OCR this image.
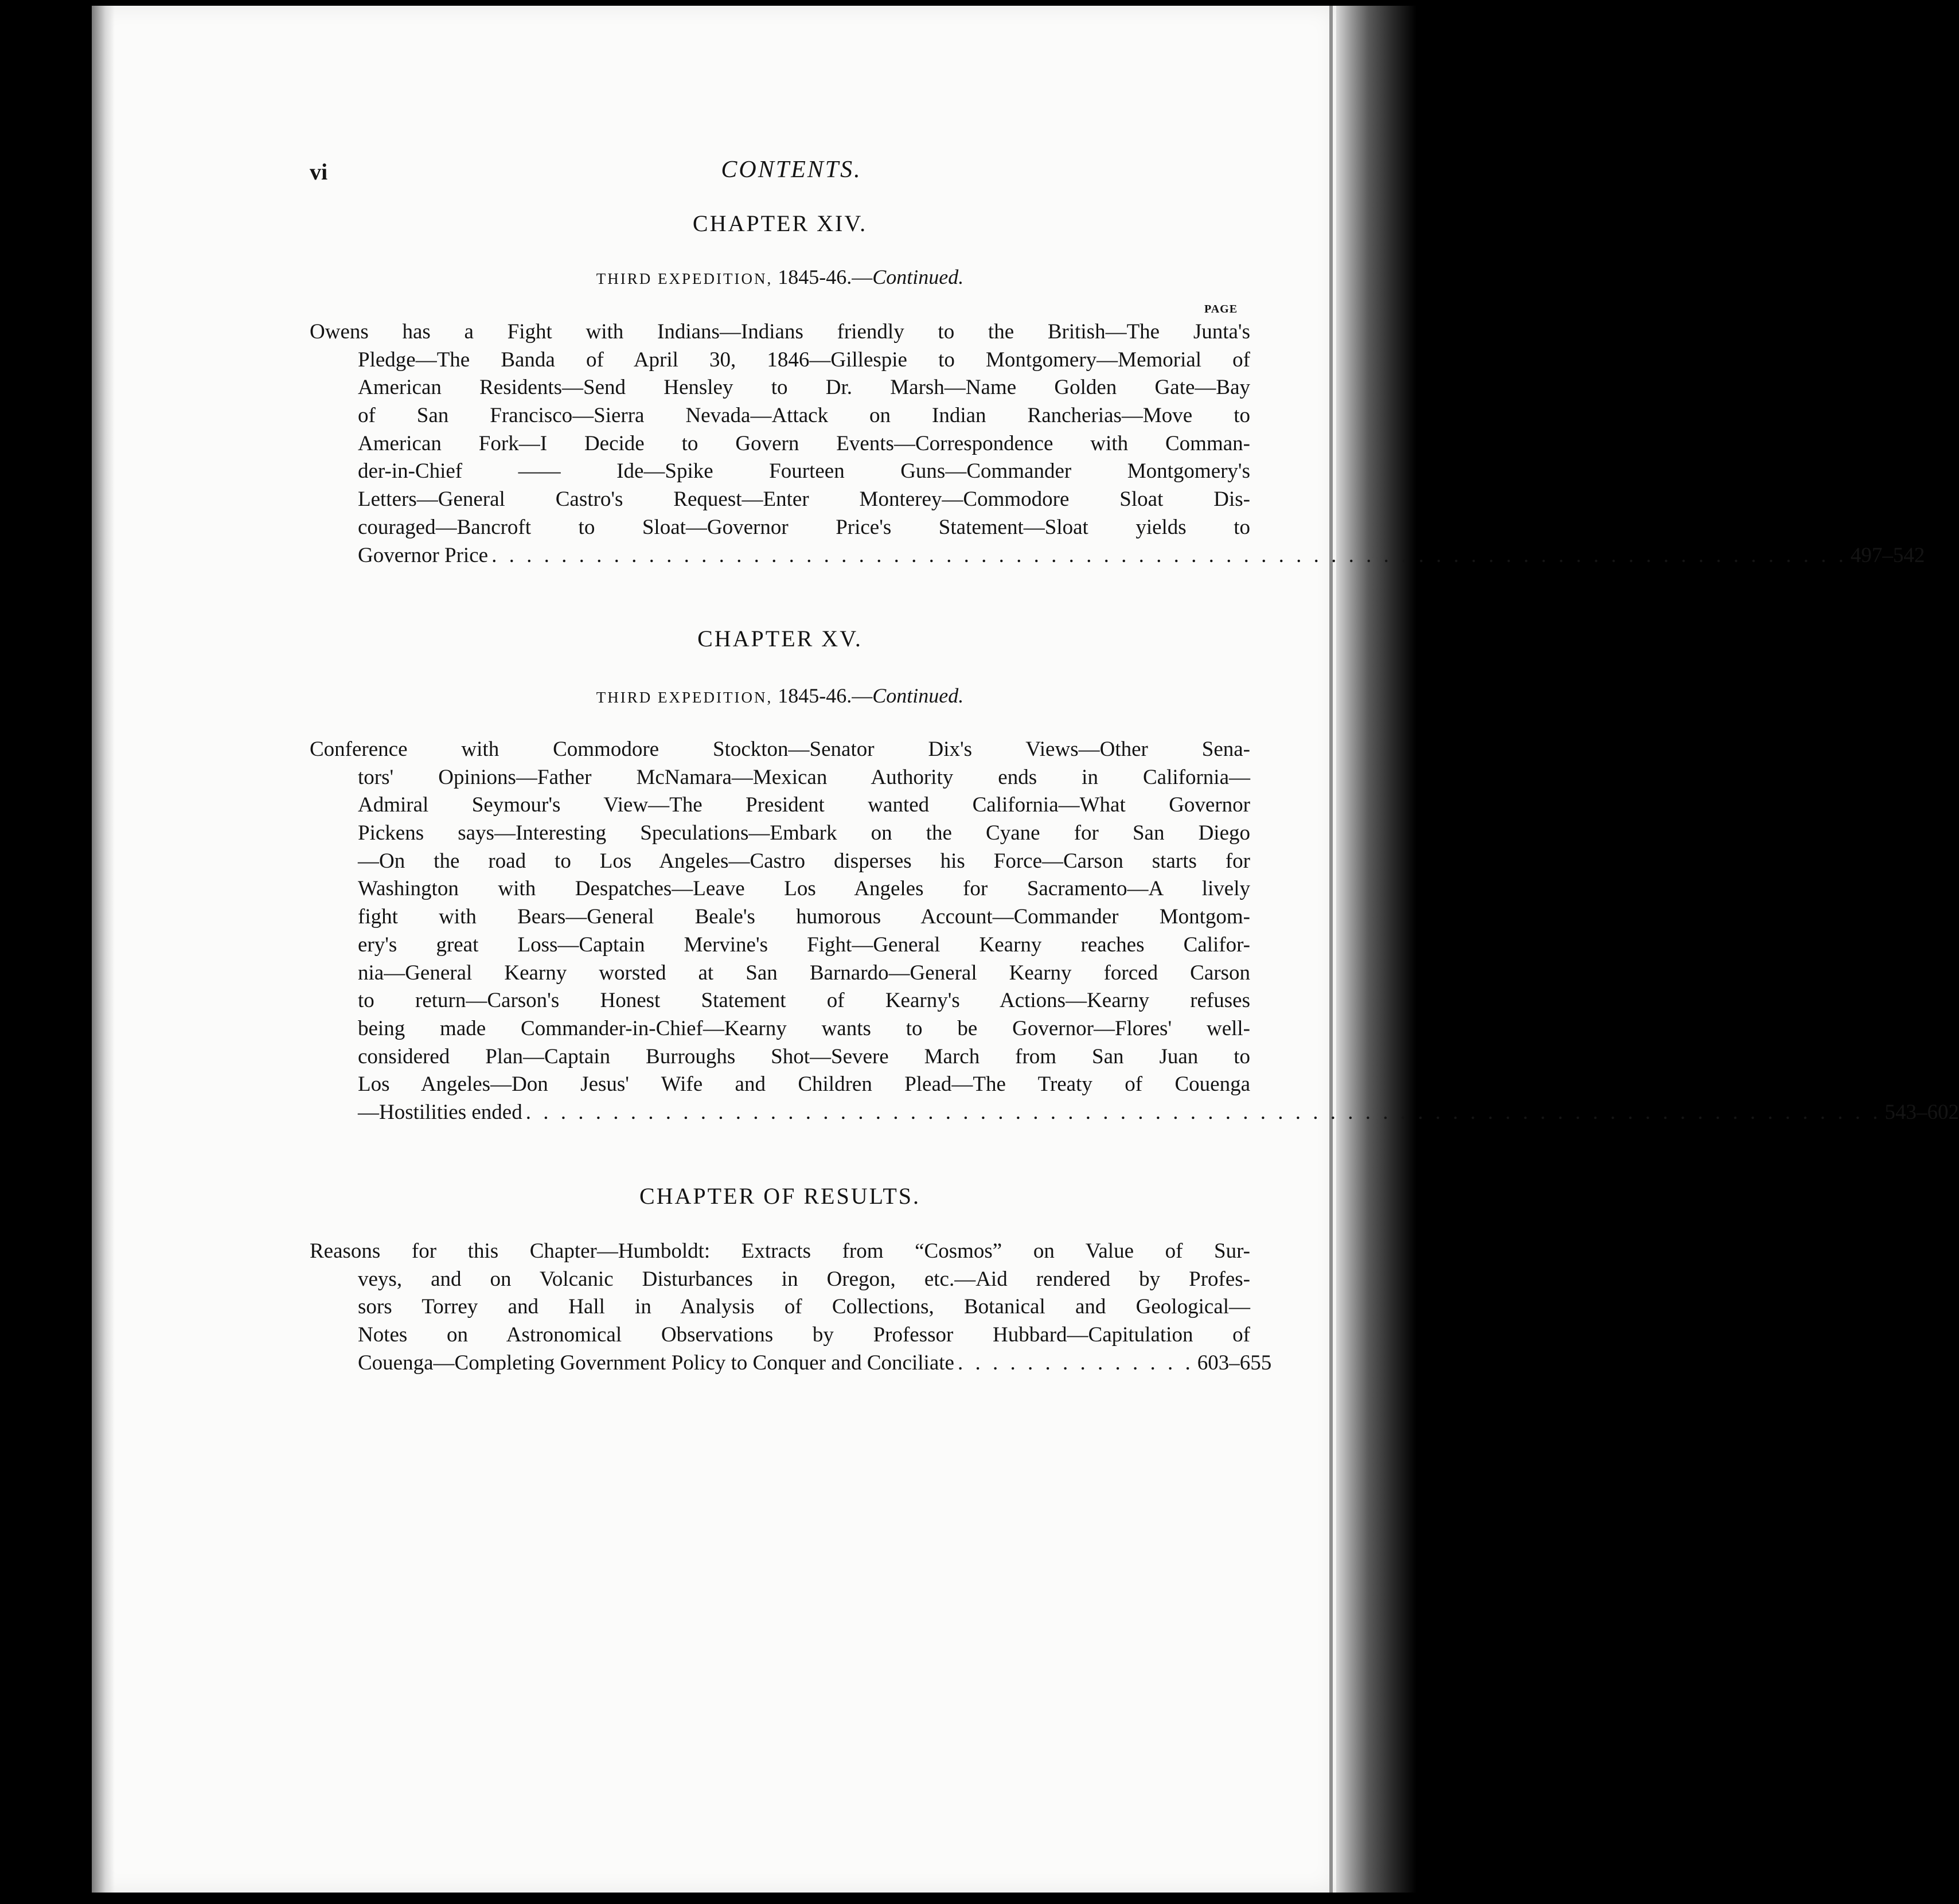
vi	CONTENTS.
CHAPTER XIV.
THIRD EXPEDITION, 1845-46.—Continued.
PAGE
Owens has a Fight with Indians—Indians friendly to the British—The Junta's
Pledge—The Banda of April 30, 1846—Gillespie to Montgomery—Memorial of
American Residents—Send Hensley to Dr. Marsh—Name Golden Gate—Bay
of San Francisco—Sierra Nevada—Attack on Indian Rancherias—Move to
American Fork—I Decide to Govern Events—Correspondence with Comman-
der-in-Chief —— Ide—Spike Fourteen Guns—Commander Montgomery's
Letters—General Castro's Request—Enter Monterey—Commodore Sloat Dis-
couraged—Bancroft to Sloat—Governor Price's Statement—Sloat yields to
Governor Price . . . . . . . . . . . . . . . . . . . . . . . . . . . . . . . . . . . . . . . . . . . . . . . . . . . . . . . . . . . . . . . . . . . . . . . . . . . . . . 497–542
CHAPTER XV.
THIRD EXPEDITION, 1845-46.—Continued.
Conference with Commodore Stockton—Senator Dix's Views—Other Sena-
tors' Opinions—Father McNamara—Mexican Authority ends in California—
Admiral Seymour's View—The President wanted California—What Governor
Pickens says—Interesting Speculations—Embark on the Cyane for San Diego
—On the road to Los Angeles—Castro disperses his Force—Carson starts for
Washington with Despatches—Leave Los Angeles for Sacramento—A lively
fight with Bears—General Beale's humorous Account—Commander Montgom-
ery's great Loss—Captain Mervine's Fight—General Kearny reaches Califor-
nia—General Kearny worsted at San Barnardo—General Kearny forced Carson
to return—Carson's Honest Statement of Kearny's Actions—Kearny refuses
being made Commander-in-Chief—Kearny wants to be Governor—Flores' well-
considered Plan—Captain Burroughs Shot—Severe March from San Juan to
Los Angeles—Don Jesus' Wife and Children Plead—The Treaty of Couenga
—Hostilities ended . . . . . . . . . . . . . . . . . . . . . . . . . . . . . . . . . . . . . . . . . . . . . . . . . . . . . . . . . . . . . . . . . . . . . . . . . . . . . . 543–602
CHAPTER OF RESULTS.
Reasons for this Chapter—Humboldt: Extracts from “Cosmos” on Value of Sur-
veys, and on Volcanic Disturbances in Oregon, etc.—Aid rendered by Profes-
sors Torrey and Hall in Analysis of Collections, Botanical and Geological—
Notes on Astronomical Observations by Professor Hubbard—Capitulation of
Couenga—Completing Government Policy to Conquer and Conciliate . . . . . . . . . . . . . . 603–655
